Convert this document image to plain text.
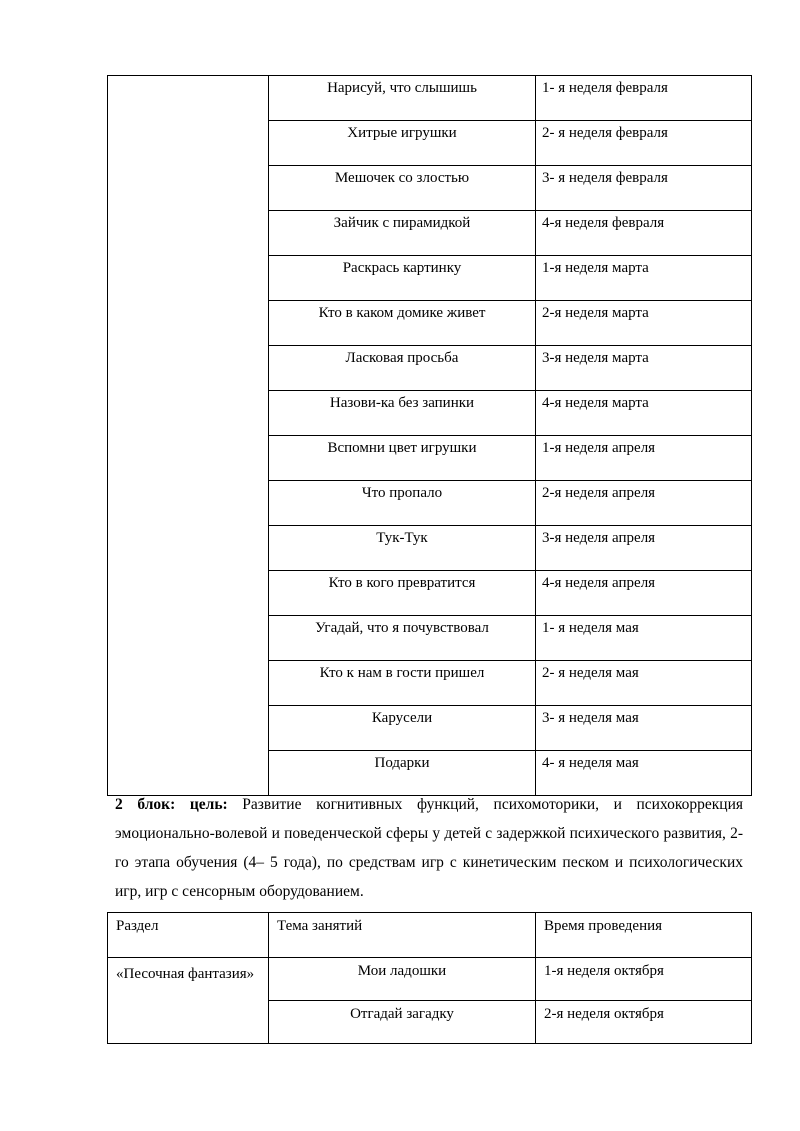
	Нарисуй, что слышишь	1- я неделя февраля
	Хитрые игрушки	2- я неделя февраля
	Мешочек со злостью	3- я неделя февраля
	Зайчик с пирамидкой	4-я неделя февраля
	Раскрась картинку	1-я неделя марта
	Кто в каком домике живет	2-я неделя марта
	Ласковая просьба	3-я неделя марта
	Назови-ка без запинки	4-я неделя марта
	Вспомни цвет игрушки	1-я неделя апреля
	Что пропало	2-я неделя апреля
	Тук-Тук	3-я неделя апреля
	Кто в кого превратится	4-я неделя апреля
	Угадай, что я почувствовал	1- я неделя мая
	Кто к нам в гости пришел	2- я неделя мая
	Карусели	3- я неделя мая
	Подарки	4- я неделя мая
2 блок: цель: Развитие когнитивных функций, психомоторики, и психокоррекция эмоционально-волевой и поведенческой сферы у детей с задержкой психического развития, 2-го этапа обучения (4– 5 года), по средствам игр с кинетическим песком и психологических игр, игр с сенсорным оборудованием.
Раздел	Тема занятий	Время проведения
«Песочная фантазия»	Мои ладошки	1-я неделя октября
	Отгадай загадку	2-я неделя октября
